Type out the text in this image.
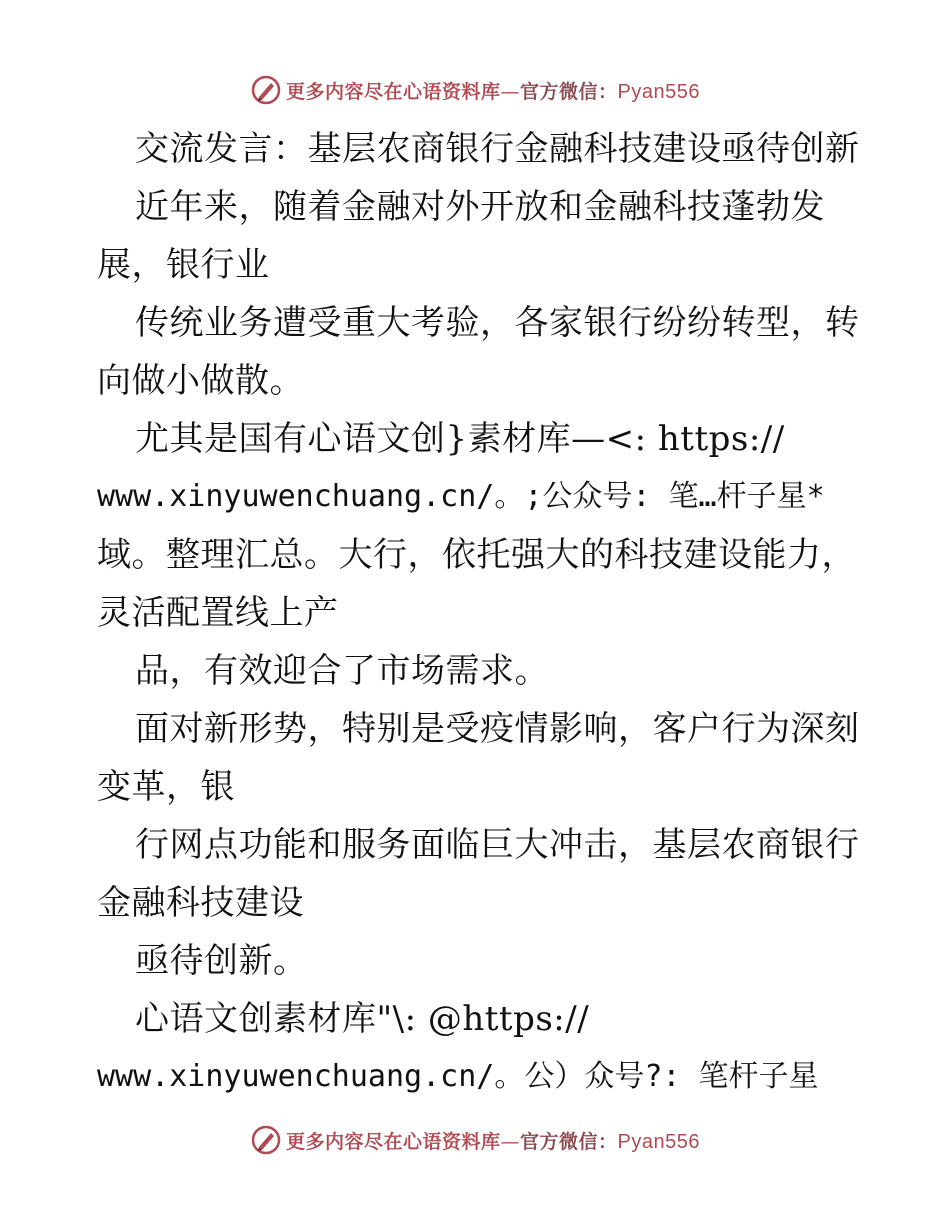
更多内容尽在心语资料库—官方微信：Pyan556
交流发言：基层农商银行金融科技建设亟待创新
近年来，随着金融对外开放和金融科技蓬勃发
展，银行业
传统业务遭受重大考验，各家银行纷纷转型，转
向做小做散。
尤其是国有心语文创}素材库—<: https://
www.xinyuwenchuang.cn/。;公众号: 笔…杆子星*
域。整理汇总。大行，依托强大的科技建设能力，
灵活配置线上产
品，有效迎合了市场需求。
面对新形势，特别是受疫情影响，客户行为深刻
变革，银
行网点功能和服务面临巨大冲击，基层农商银行
金融科技建设
亟待创新。
心语文创素材库"\: @https://
www.xinyuwenchuang.cn/。公）众号?: 笔杆子星
更多内容尽在心语资料库—官方微信：Pyan556
